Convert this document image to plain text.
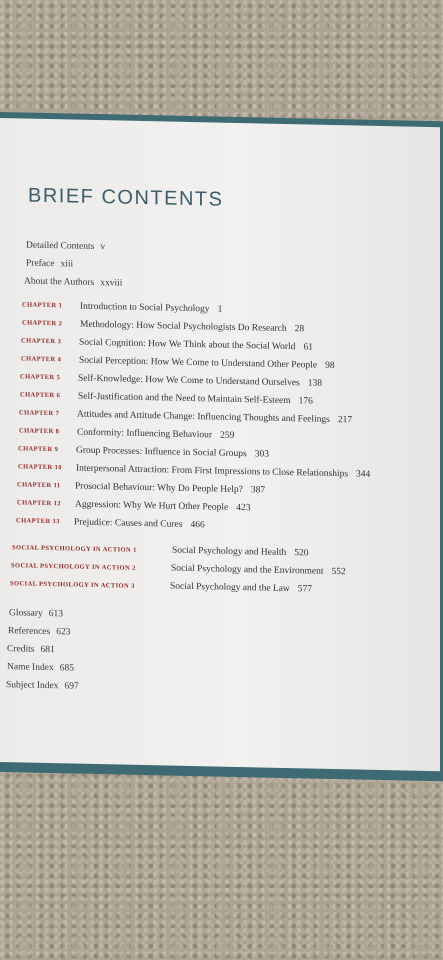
BRIEF CONTENTS
Detailed Contents v
Preface xiii
About the Authors xxviii
CHAPTER 1 Introduction to Social Psychology 1
CHAPTER 2 Methodology: How Social Psychologists Do Research 28
CHAPTER 3 Social Cognition: How We Think about the Social World 61
CHAPTER 4 Social Perception: How We Come to Understand Other People 98
CHAPTER 5 Self-Knowledge: How We Come to Understand Ourselves 138
CHAPTER 6 Self-Justification and the Need to Maintain Self-Esteem 176
CHAPTER 7 Attitudes and Attitude Change: Influencing Thoughts and Feelings 217
CHAPTER 8 Conformity: Influencing Behaviour 259
CHAPTER 9 Group Processes: Influence in Social Groups 303
CHAPTER 10 Interpersonal Attraction: From First Impressions to Close Relationships 344
CHAPTER 11 Prosocial Behaviour: Why Do People Help? 387
CHAPTER 12 Aggression: Why We Hurt Other People 423
CHAPTER 13 Prejudice: Causes and Cures 466
SOCIAL PSYCHOLOGY IN ACTION 1	Social Psychology and Health 520
SOCIAL PSYCHOLOGY IN ACTION 2	Social Psychology and the Environment 552
SOCIAL PSYCHOLOGY IN ACTION 3	Social Psychology and the Law 577
Glossary 613
References 623
Credits 681
Name Index 685
Subject Index 697
